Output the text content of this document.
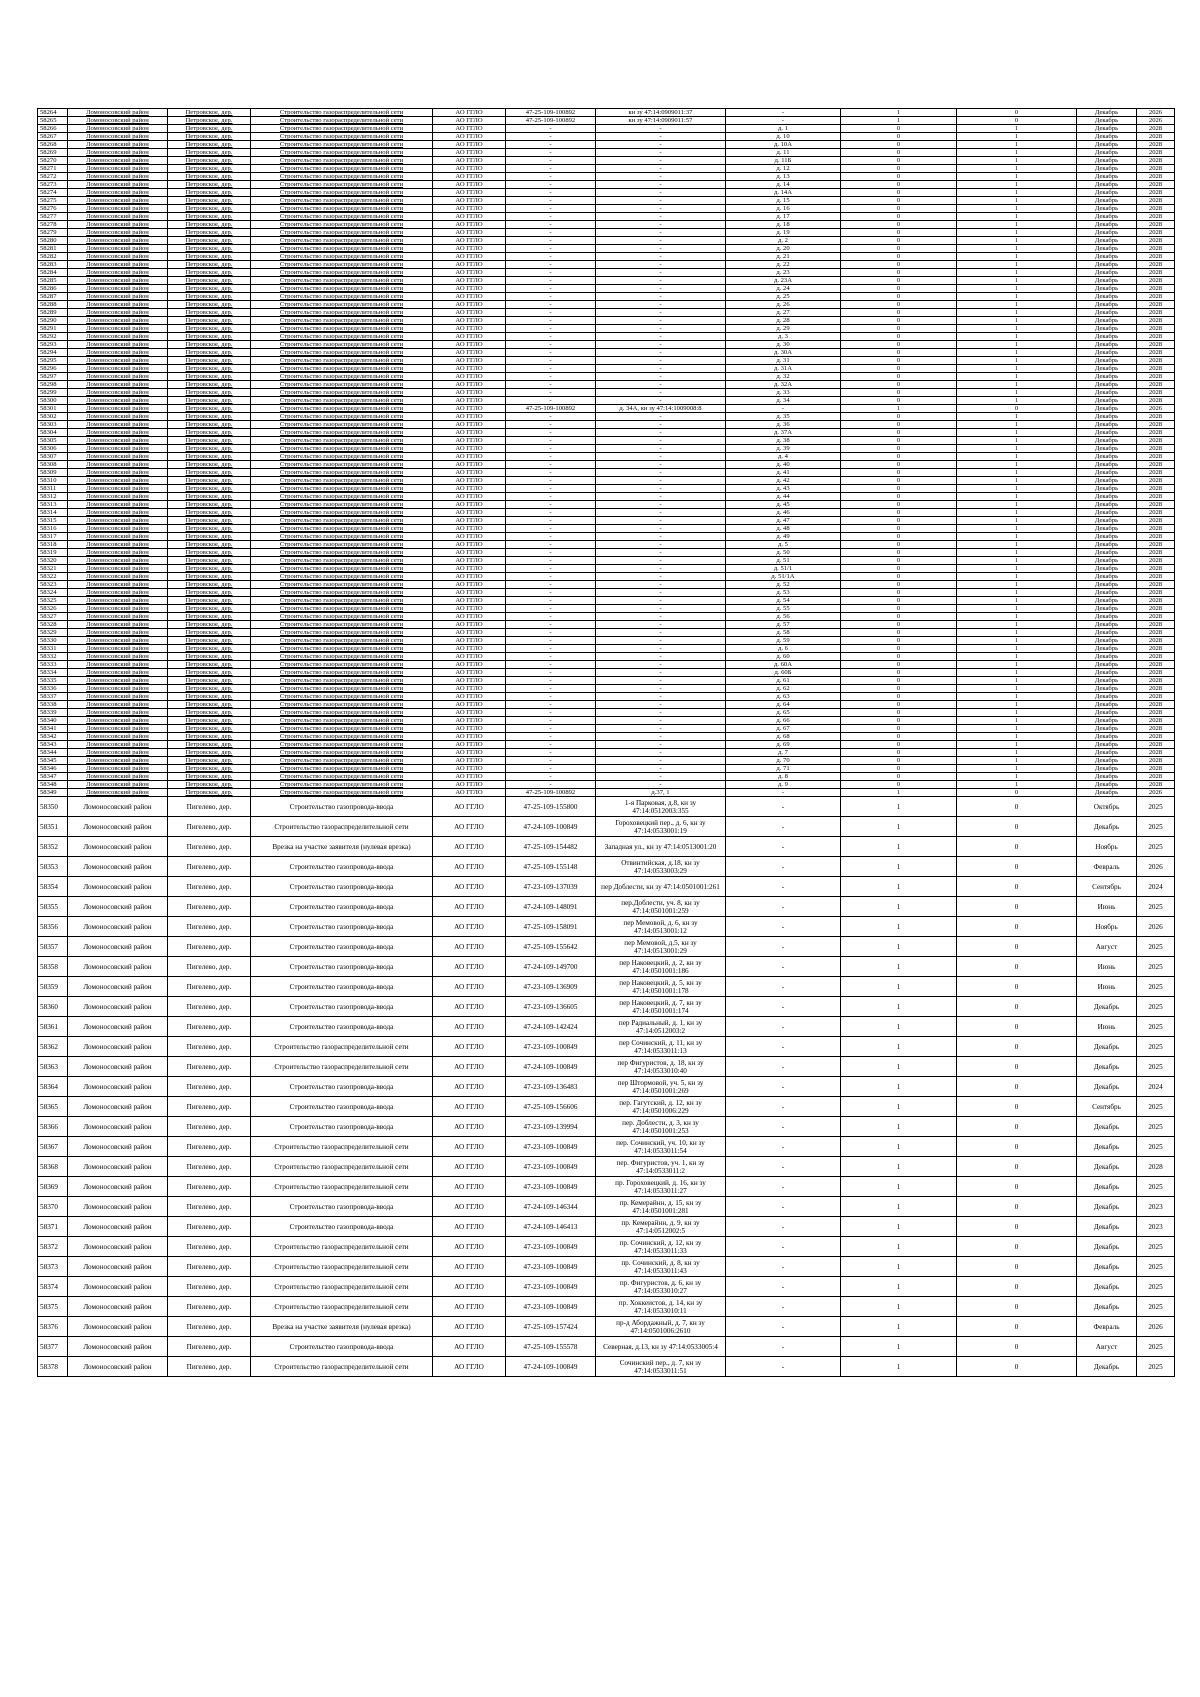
58264	Ломоносовский район	Петровское, дер.	Строительство газораспределительной сети	АО ГГЛО	47-25-109-100892	кн зу 47:14:0909011:37	-	1	0	Декабрь	2026
58265	Ломоносовский район	Петровское, дер.	Строительство газораспределительной сети	АО ГГЛО	47-25-109-100892	кн зу 47:14:0909011:57	-	1	0	Декабрь	2026
58266	Ломоносовский район	Петровское, дер.	Строительство газораспределительной сети	АО ГГЛО	-	-	д. 1	0	1	Декабрь	2028
58267	Ломоносовский район	Петровское, дер.	Строительство газораспределительной сети	АО ГГЛО	-	-	д. 10	0	1	Декабрь	2028
58268	Ломоносовский район	Петровское, дер.	Строительство газораспределительной сети	АО ГГЛО	-	-	д. 10А	0	1	Декабрь	2028
58269	Ломоносовский район	Петровское, дер.	Строительство газораспределительной сети	АО ГГЛО	-	-	д. 11	0	1	Декабрь	2028
58270	Ломоносовский район	Петровское, дер.	Строительство газораспределительной сети	АО ГГЛО	-	-	д. 11Б	0	1	Декабрь	2028
58271	Ломоносовский район	Петровское, дер.	Строительство газораспределительной сети	АО ГГЛО	-	-	д. 12	0	1	Декабрь	2028
58272	Ломоносовский район	Петровское, дер.	Строительство газораспределительной сети	АО ГГЛО	-	-	д. 13	0	1	Декабрь	2028
58273	Ломоносовский район	Петровское, дер.	Строительство газораспределительной сети	АО ГГЛО	-	-	д. 14	0	1	Декабрь	2028
58274	Ломоносовский район	Петровское, дер.	Строительство газораспределительной сети	АО ГГЛО	-	-	д. 14А	0	1	Декабрь	2028
58275	Ломоносовский район	Петровское, дер.	Строительство газораспределительной сети	АО ГГЛО	-	-	д. 15	0	1	Декабрь	2028
58276	Ломоносовский район	Петровское, дер.	Строительство газораспределительной сети	АО ГГЛО	-	-	д. 16	0	1	Декабрь	2028
58277	Ломоносовский район	Петровское, дер.	Строительство газораспределительной сети	АО ГГЛО	-	-	д. 17	0	1	Декабрь	2028
58278	Ломоносовский район	Петровское, дер.	Строительство газораспределительной сети	АО ГГЛО	-	-	д. 18	0	1	Декабрь	2028
58279	Ломоносовский район	Петровское, дер.	Строительство газораспределительной сети	АО ГГЛО	-	-	д. 19	0	1	Декабрь	2028
58280	Ломоносовский район	Петровское, дер.	Строительство газораспределительной сети	АО ГГЛО	-	-	д. 2	0	1	Декабрь	2028
58281	Ломоносовский район	Петровское, дер.	Строительство газораспределительной сети	АО ГГЛО	-	-	д. 20	0	1	Декабрь	2028
58282	Ломоносовский район	Петровское, дер.	Строительство газораспределительной сети	АО ГГЛО	-	-	д. 21	0	1	Декабрь	2028
58283	Ломоносовский район	Петровское, дер.	Строительство газораспределительной сети	АО ГГЛО	-	-	д. 22	0	1	Декабрь	2028
58284	Ломоносовский район	Петровское, дер.	Строительство газораспределительной сети	АО ГГЛО	-	-	д. 23	0	1	Декабрь	2028
58285	Ломоносовский район	Петровское, дер.	Строительство газораспределительной сети	АО ГГЛО	-	-	д. 23А	0	1	Декабрь	2028
58286	Ломоносовский район	Петровское, дер.	Строительство газораспределительной сети	АО ГГЛО	-	-	д. 24	0	1	Декабрь	2028
58287	Ломоносовский район	Петровское, дер.	Строительство газораспределительной сети	АО ГГЛО	-	-	д. 25	0	1	Декабрь	2028
58288	Ломоносовский район	Петровское, дер.	Строительство газораспределительной сети	АО ГГЛО	-	-	д. 26	0	1	Декабрь	2028
58289	Ломоносовский район	Петровское, дер.	Строительство газораспределительной сети	АО ГГЛО	-	-	д. 27	0	1	Декабрь	2028
58290	Ломоносовский район	Петровское, дер.	Строительство газораспределительной сети	АО ГГЛО	-	-	д. 28	0	1	Декабрь	2028
58291	Ломоносовский район	Петровское, дер.	Строительство газораспределительной сети	АО ГГЛО	-	-	д. 29	0	1	Декабрь	2028
58292	Ломоносовский район	Петровское, дер.	Строительство газораспределительной сети	АО ГГЛО	-	-	д. 3	0	1	Декабрь	2028
58293	Ломоносовский район	Петровское, дер.	Строительство газораспределительной сети	АО ГГЛО	-	-	д. 30	0	1	Декабрь	2028
58294	Ломоносовский район	Петровское, дер.	Строительство газораспределительной сети	АО ГГЛО	-	-	д. 30А	0	1	Декабрь	2028
58295	Ломоносовский район	Петровское, дер.	Строительство газораспределительной сети	АО ГГЛО	-	-	д. 31	0	1	Декабрь	2028
58296	Ломоносовский район	Петровское, дер.	Строительство газораспределительной сети	АО ГГЛО	-	-	д. 31А	0	1	Декабрь	2028
58297	Ломоносовский район	Петровское, дер.	Строительство газораспределительной сети	АО ГГЛО	-	-	д. 32	0	1	Декабрь	2028
58298	Ломоносовский район	Петровское, дер.	Строительство газораспределительной сети	АО ГГЛО	-	-	д. 32А	0	1	Декабрь	2028
58299	Ломоносовский район	Петровское, дер.	Строительство газораспределительной сети	АО ГГЛО	-	-	д. 33	0	1	Декабрь	2028
58300	Ломоносовский район	Петровское, дер.	Строительство газораспределительной сети	АО ГГЛО	-	-	д. 34	0	1	Декабрь	2028
58301	Ломоносовский район	Петровское, дер.	Строительство газораспределительной сети	АО ГГЛО	47-25-109-100892	д. 34А, кн зу 47:14:1009008:8	-	1	0	Декабрь	2026
58302	Ломоносовский район	Петровское, дер.	Строительство газораспределительной сети	АО ГГЛО	-	-	д. 35	0	1	Декабрь	2028
58303	Ломоносовский район	Петровское, дер.	Строительство газораспределительной сети	АО ГГЛО	-	-	д. 36	0	1	Декабрь	2028
58304	Ломоносовский район	Петровское, дер.	Строительство газораспределительной сети	АО ГГЛО	-	-	д. 37А	0	1	Декабрь	2028
58305	Ломоносовский район	Петровское, дер.	Строительство газораспределительной сети	АО ГГЛО	-	-	д. 38	0	1	Декабрь	2028
58306	Ломоносовский район	Петровское, дер.	Строительство газораспределительной сети	АО ГГЛО	-	-	д. 39	0	1	Декабрь	2028
58307	Ломоносовский район	Петровское, дер.	Строительство газораспределительной сети	АО ГГЛО	-	-	д. 4	0	1	Декабрь	2028
58308	Ломоносовский район	Петровское, дер.	Строительство газораспределительной сети	АО ГГЛО	-	-	д. 40	0	1	Декабрь	2028
58309	Ломоносовский район	Петровское, дер.	Строительство газораспределительной сети	АО ГГЛО	-	-	д. 41	0	1	Декабрь	2028
58310	Ломоносовский район	Петровское, дер.	Строительство газораспределительной сети	АО ГГЛО	-	-	д. 42	0	1	Декабрь	2028
58311	Ломоносовский район	Петровское, дер.	Строительство газораспределительной сети	АО ГГЛО	-	-	д. 43	0	1	Декабрь	2028
58312	Ломоносовский район	Петровское, дер.	Строительство газораспределительной сети	АО ГГЛО	-	-	д. 44	0	1	Декабрь	2028
58313	Ломоносовский район	Петровское, дер.	Строительство газораспределительной сети	АО ГГЛО	-	-	д. 45	0	1	Декабрь	2028
58314	Ломоносовский район	Петровское, дер.	Строительство газораспределительной сети	АО ГГЛО	-	-	д. 46	0	1	Декабрь	2028
58315	Ломоносовский район	Петровское, дер.	Строительство газораспределительной сети	АО ГГЛО	-	-	д. 47	0	1	Декабрь	2028
58316	Ломоносовский район	Петровское, дер.	Строительство газораспределительной сети	АО ГГЛО	-	-	д. 48	0	1	Декабрь	2028
58317	Ломоносовский район	Петровское, дер.	Строительство газораспределительной сети	АО ГГЛО	-	-	д. 49	0	1	Декабрь	2028
58318	Ломоносовский район	Петровское, дер.	Строительство газораспределительной сети	АО ГГЛО	-	-	д. 5	0	1	Декабрь	2028
58319	Ломоносовский район	Петровское, дер.	Строительство газораспределительной сети	АО ГГЛО	-	-	д. 50	0	1	Декабрь	2028
58320	Ломоносовский район	Петровское, дер.	Строительство газораспределительной сети	АО ГГЛО	-	-	д. 51	0	1	Декабрь	2028
58321	Ломоносовский район	Петровское, дер.	Строительство газораспределительной сети	АО ГГЛО	-	-	д. 51/1	0	1	Декабрь	2028
58322	Ломоносовский район	Петровское, дер.	Строительство газораспределительной сети	АО ГГЛО	-	-	д. 51/1А	0	1	Декабрь	2028
58323	Ломоносовский район	Петровское, дер.	Строительство газораспределительной сети	АО ГГЛО	-	-	д. 52	0	1	Декабрь	2028
58324	Ломоносовский район	Петровское, дер.	Строительство газораспределительной сети	АО ГГЛО	-	-	д. 53	0	1	Декабрь	2028
58325	Ломоносовский район	Петровское, дер.	Строительство газораспределительной сети	АО ГГЛО	-	-	д. 54	0	1	Декабрь	2028
58326	Ломоносовский район	Петровское, дер.	Строительство газораспределительной сети	АО ГГЛО	-	-	д. 55	0	1	Декабрь	2028
58327	Ломоносовский район	Петровское, дер.	Строительство газораспределительной сети	АО ГГЛО	-	-	д. 56	0	1	Декабрь	2028
58328	Ломоносовский район	Петровское, дер.	Строительство газораспределительной сети	АО ГГЛО	-	-	д. 57	0	1	Декабрь	2028
58329	Ломоносовский район	Петровское, дер.	Строительство газораспределительной сети	АО ГГЛО	-	-	д. 58	0	1	Декабрь	2028
58330	Ломоносовский район	Петровское, дер.	Строительство газораспределительной сети	АО ГГЛО	-	-	д. 59	0	1	Декабрь	2028
58331	Ломоносовский район	Петровское, дер.	Строительство газораспределительной сети	АО ГГЛО	-	-	д. 6	0	1	Декабрь	2028
58332	Ломоносовский район	Петровское, дер.	Строительство газораспределительной сети	АО ГГЛО	-	-	д. 60	0	1	Декабрь	2028
58333	Ломоносовский район	Петровское, дер.	Строительство газораспределительной сети	АО ГГЛО	-	-	д. 60А	0	1	Декабрь	2028
58334	Ломоносовский район	Петровское, дер.	Строительство газораспределительной сети	АО ГГЛО	-	-	д. 60Б	0	1	Декабрь	2028
58335	Ломоносовский район	Петровское, дер.	Строительство газораспределительной сети	АО ГГЛО	-	-	д. 61	0	1	Декабрь	2028
58336	Ломоносовский район	Петровское, дер.	Строительство газораспределительной сети	АО ГГЛО	-	-	д. 62	0	1	Декабрь	2028
58337	Ломоносовский район	Петровское, дер.	Строительство газораспределительной сети	АО ГГЛО	-	-	д. 63	0	1	Декабрь	2028
58338	Ломоносовский район	Петровское, дер.	Строительство газораспределительной сети	АО ГГЛО	-	-	д. 64	0	1	Декабрь	2028
58339	Ломоносовский район	Петровское, дер.	Строительство газораспределительной сети	АО ГГЛО	-	-	д. 65	0	1	Декабрь	2028
58340	Ломоносовский район	Петровское, дер.	Строительство газораспределительной сети	АО ГГЛО	-	-	д. 66	0	1	Декабрь	2028
58341	Ломоносовский район	Петровское, дер.	Строительство газораспределительной сети	АО ГГЛО	-	-	д. 67	0	1	Декабрь	2028
58342	Ломоносовский район	Петровское, дер.	Строительство газораспределительной сети	АО ГГЛО	-	-	д. 68	0	1	Декабрь	2028
58343	Ломоносовский район	Петровское, дер.	Строительство газораспределительной сети	АО ГГЛО	-	-	д. 69	0	1	Декабрь	2028
58344	Ломоносовский район	Петровское, дер.	Строительство газораспределительной сети	АО ГГЛО	-	-	д. 7	0	1	Декабрь	2028
58345	Ломоносовский район	Петровское, дер.	Строительство газораспределительной сети	АО ГГЛО	-	-	д. 70	0	1	Декабрь	2028
58346	Ломоносовский район	Петровское, дер.	Строительство газораспределительной сети	АО ГГЛО	-	-	д. 71	0	1	Декабрь	2028
58347	Ломоносовский район	Петровское, дер.	Строительство газораспределительной сети	АО ГГЛО	-	-	д. 8	0	1	Декабрь	2028
58348	Ломоносовский район	Петровское, дер.	Строительство газораспределительной сети	АО ГГЛО	-	-	д. 9	0	1	Декабрь	2028
58349	Ломоносовский район	Петровское, дер.	Строительство газораспределительной сети	АО ГГЛО	47-25-109-100892	д.37, 1	-	1	0	Декабрь	2026
58350	Ломоносовский район	Пигелево, дер.	Строительство газопровода-ввода	АО ГГЛО	47-25-109-155800	1-я Парковая, д.8, кн зу 47:14:0512003:355	-	1	0	Октябрь	2025
58351	Ломоносовский район	Пигелево, дер.	Строительство газораспределительной сети	АО ГГЛО	47-24-109-100849	Гороховецкий пер., д. 6, кн зу 47:14:0533001:19	-	1	0	Декабрь	2025
58352	Ломоносовский район	Пигелево, дер.	Врезка на участке заявителя (нулевая врезка)	АО ГГЛО	47-25-109-154482	Западная ул., кн зу 47:14:0513001:20	-	1	0	Ноябрь	2025
58353	Ломоносовский район	Пигелево, дер.	Строительство газопровода-ввода	АО ГГЛО	47-25-109-155148	Отвинтийская, д.18, кн зу 47:14:0533003:29	-	1	0	Февраль	2026
58354	Ломоносовский район	Пигелево, дер.	Строительство газопровода-ввода	АО ГГЛО	47-23-109-137039	пер Доблести, кн зу 47:14:0501001:261	-	1	0	Сентябрь	2024
58355	Ломоносовский район	Пигелево, дер.	Строительство газопровода-ввода	АО ГГЛО	47-24-109-148091	пер.Доблести, уч. 8, кн зу 47:14:0501001:259	-	1	0	Июнь	2025
58356	Ломоносовский район	Пигелево, дер.	Строительство газопровода-ввода	АО ГГЛО	47-25-109-158091	пер Мемовой, д. 6, кн зу 47:14:0513001:12	-	1	0	Ноябрь	2026
58357	Ломоносовский район	Пигелево, дер.	Строительство газопровода-ввода	АО ГГЛО	47-25-109-155642	пер Мемовой, д.5, кн зу 47:14:0513001:29	-	1	0	Август	2025
58358	Ломоносовский район	Пигелево, дер.	Строительство газопровода-ввода	АО ГГЛО	47-24-109-149700	пер Наковецкий, д. 2, кн зу 47:14:0501001:186	-	1	0	Июнь	2025
58359	Ломоносовский район	Пигелево, дер.	Строительство газопровода-ввода	АО ГГЛО	47-23-109-136909	пер Наковецкий, д. 5, кн зу 47:14:0501001:178	-	1	0	Июнь	2025
58360	Ломоносовский район	Пигелево, дер.	Строительство газопровода-ввода	АО ГГЛО	47-23-109-136605	пер Наковецкий, д. 7, кн зу 47:14:0501001:174	-	1	0	Декабрь	2025
58361	Ломоносовский район	Пигелево, дер.	Строительство газопровода-ввода	АО ГГЛО	47-24-109-142424	пер Радиальный, д. 1, кн зу 47:14:0512003:2	-	1	0	Июнь	2025
58362	Ломоносовский район	Пигелево, дер.	Строительство газораспределительной сети	АО ГГЛО	47-23-109-100849	пер Сочинский, д. 11, кн зу 47:14:0533011:13	-	1	0	Декабрь	2025
58363	Ломоносовский район	Пигелево, дер.	Строительство газораспределительной сети	АО ГГЛО	47-24-109-100849	пер Фигуристов, д. 18, кн зу 47:14:0533010:40	-	1	0	Декабрь	2025
58364	Ломоносовский район	Пигелево, дер.	Строительство газопровода-ввода	АО ГГЛО	47-23-109-136483	пер Штормовой, уч. 5, кн зу 47:14:0501001:269	-	1	0	Декабрь	2024
58365	Ломоносовский район	Пигелево, дер.	Строительство газопровода-ввода	АО ГГЛО	47-25-109-156606	пер. Гагутский, д. 12, кн зу 47:14:0501006:229	-	1	0	Сентябрь	2025
58366	Ломоносовский район	Пигелево, дер.	Строительство газопровода-ввода	АО ГГЛО	47-23-109-139994	пер. Доблести, д. 3, кн зу 47:14:0501001:253	-	1	0	Декабрь	2025
58367	Ломоносовский район	Пигелево, дер.	Строительство газораспределительной сети	АО ГГЛО	47-23-109-100849	пер. Сочинский, уч. 10, кн зу 47:14:0533011:54	-	1	0	Декабрь	2025
58368	Ломоносовский район	Пигелево, дер.	Строительство газораспределительной сети	АО ГГЛО	47-23-109-100849	пер. Фигуристов, уч. 1, кн зу 47:14:0533011:2	-	1	0	Декабрь	2028
58369	Ломоносовский район	Пигелево, дер.	Строительство газораспределительной сети	АО ГГЛО	47-23-109-100849	пр. Гороховецкий, д. 16, кн зу 47:14:0533011:27	-	1	0	Декабрь	2025
58370	Ломоносовский район	Пигелево, дер.	Строительство газопровода-ввода	АО ГГЛО	47-24-109-146344	пр. Кемерайнн, д. 15, кн зу 47:14:0501001:281	-	1	0	Декабрь	2023
58371	Ломоносовский район	Пигелево, дер.	Строительство газопровода-ввода	АО ГГЛО	47-24-109-146413	пр. Кемерайнн, д. 9, кн зу 47:14:0512002:5	-	1	0	Декабрь	2023
58372	Ломоносовский район	Пигелево, дер.	Строительство газораспределительной сети	АО ГГЛО	47-23-109-100849	пр. Сочинский, д. 12, кн зу 47:14:0533011:33	-	1	0	Декабрь	2025
58373	Ломоносовский район	Пигелево, дер.	Строительство газораспределительной сети	АО ГГЛО	47-23-109-100849	пр. Сочинский, д. 8, кн зу 47:14:0533011:43	-	1	0	Декабрь	2025
58374	Ломоносовский район	Пигелево, дер.	Строительство газораспределительной сети	АО ГГЛО	47-23-109-100849	пр. Фигуристов, д. 6, кн зу 47:14:0533010:27	-	1	0	Декабрь	2025
58375	Ломоносовский район	Пигелево, дер.	Строительство газораспределительной сети	АО ГГЛО	47-23-109-100849	пр. Хоккеистов, д. 14, кн зу 47:14:0533010:11	-	1	0	Декабрь	2025
58376	Ломоносовский район	Пигелево, дер.	Врезка на участке заявителя (нулевая врезка)	АО ГГЛО	47-25-109-157424	пр-д Абордажный, д. 7, кн зу 47:14:0501006:2610	-	1	0	Февраль	2026
58377	Ломоносовский район	Пигелево, дер.	Строительство газопровода-ввода	АО ГГЛО	47-25-109-155578	Северная, д.13, кн зу 47:14:0533005:4	-	1	0	Август	2025
58378	Ломоносовский район	Пигелево, дер.	Строительство газораспределительной сети	АО ГГЛО	47-24-109-100849	Сочинский пер., д. 7, кн зу 47:14:0533011:51	-	1	0	Декабрь	2025
